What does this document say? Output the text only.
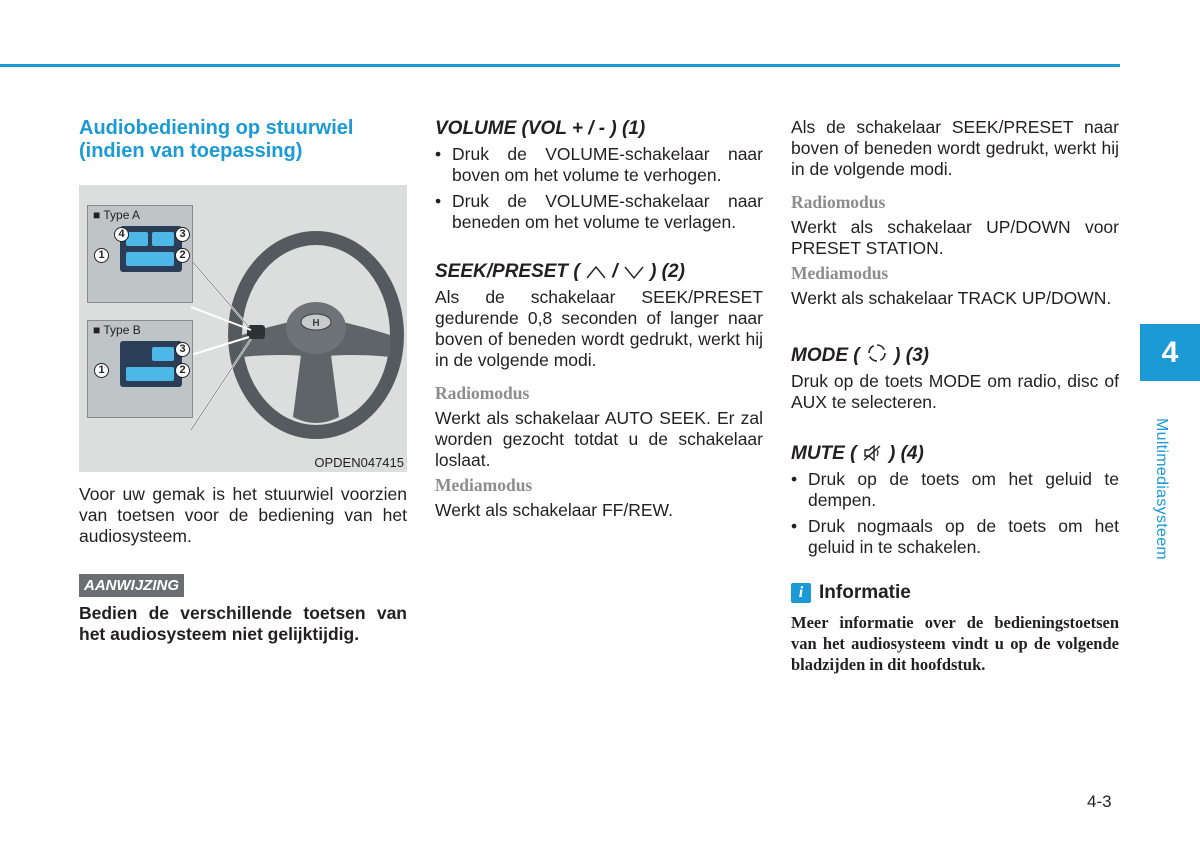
Audiobediening op stuurwiel
(indien van toepassing)
H
■ Type A
4	3
1	2
■ Type B
3
1	2
OPDEN047415

Voor uw gemak is het stuurwiel voorzien van toetsen voor de bediening van het audiosysteem.

AANWIJZING

Bedien de verschillende toetsen van het audiosysteem niet gelijktijdig.

VOLUME (VOL + / - ) (1)
• Druk de VOLUME-schakelaar naar boven om het volume te verhogen.
• Druk de VOLUME-schakelaar naar beneden om het volume te verlagen.
SEEK/PRESET ( / ) (2)

Als de schakelaar SEEK/PRESET gedurende 0,8 seconden of langer naar boven of beneden wordt gedrukt, werkt hij in de volgende modi.

Radiomodus

Werkt als schakelaar AUTO SEEK. Er zal worden gezocht totdat u de schakelaar loslaat.

Mediamodus

Werkt als schakelaar FF/REW.

Als de schakelaar SEEK/PRESET naar boven of beneden wordt gedrukt, werkt hij in de volgende modi.

Radiomodus

Werkt als schakelaar UP/DOWN voor PRESET STATION.

Mediamodus

Werkt als schakelaar TRACK UP/DOWN.

MODE ( ) (3)

Druk op de toets MODE om radio, disc of AUX te selecteren.

MUTE ( ) (4)
• Druk op de toets om het geluid te dempen.
• Druk nogmaals op de toets om het geluid in te schakelen.
i Informatie

Meer informatie over de bedieningstoetsen van het audiosysteem vindt u op de volgende bladzijden in dit hoofdstuk.

4
Multimediasysteem
4-3
